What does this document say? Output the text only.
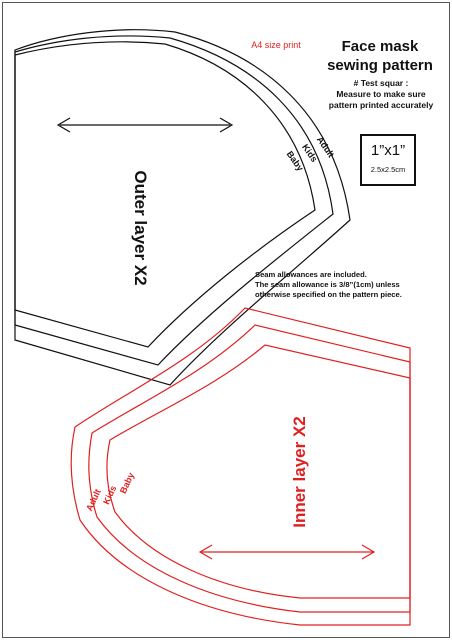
A4 size print	Face mask
sewing pattern
# Test squar :
Measure to make sure
pattern printed accurately
1”x1”
2.5x2.5cm
Seam allowances are included.
The seam allowance is 3/8”(1cm) unless
otherwise specified on the pattern piece.
Outer layer X2
Adult
Kids
Baby
Inner layer X2
Adult
Kids Baby
